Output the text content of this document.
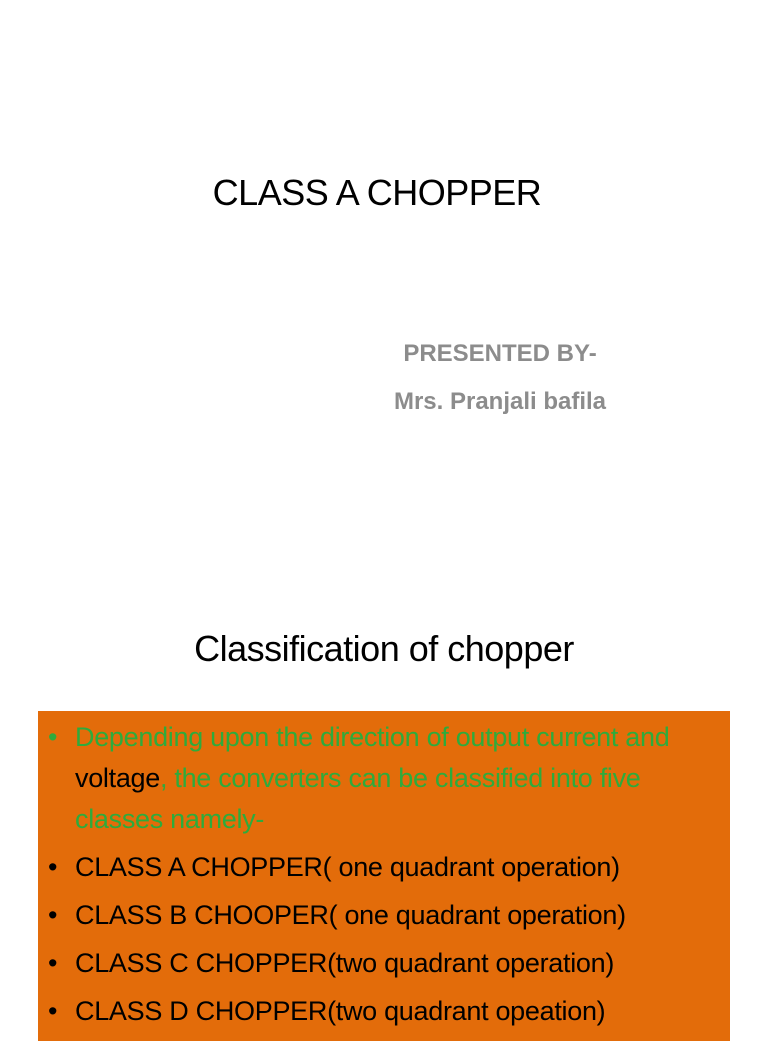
CLASS A CHOPPER
PRESENTED BY-
Mrs. Pranjali bafila
Classification of chopper
• Depending upon the direction of output current and voltage, the converters can be classified into five classes namely-
• CLASS A CHOPPER( one quadrant operation)
• CLASS B CHOOPER( one quadrant operation)
• CLASS C CHOPPER(two quadrant operation)
• CLASS D CHOPPER(two quadrant opeation)
